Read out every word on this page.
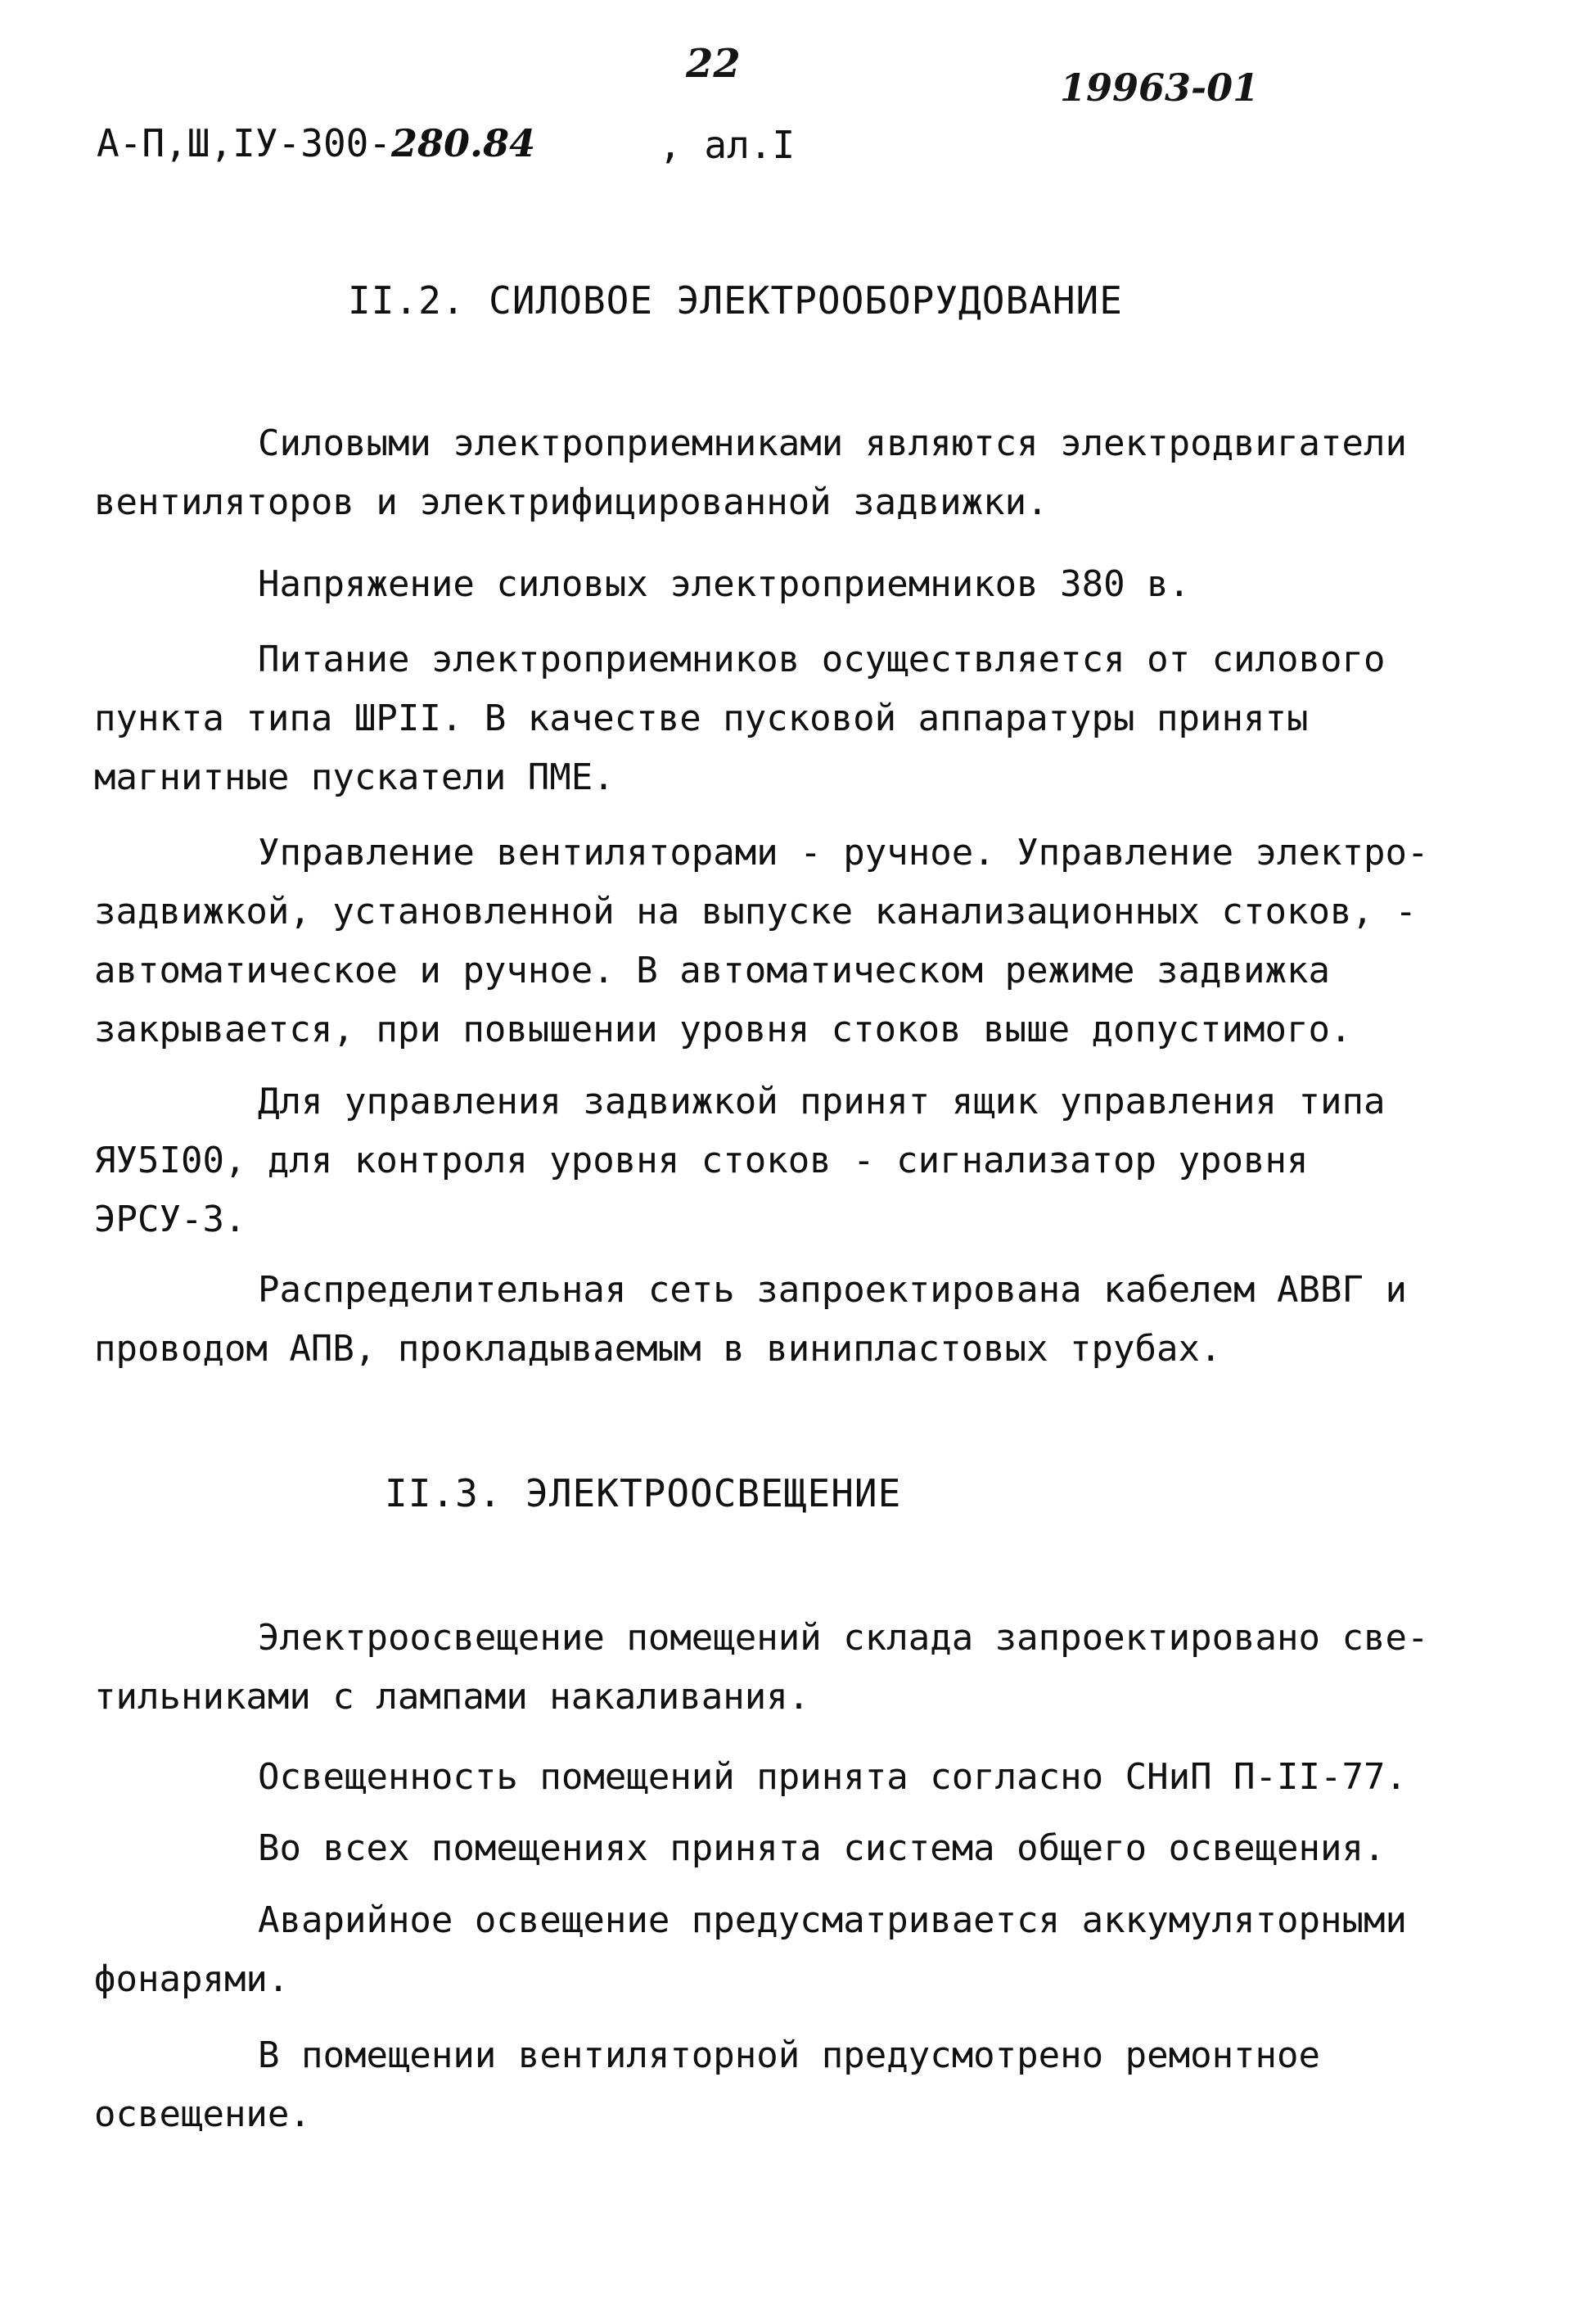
22
19963-01
А-П,Ш,ІУ-300-280.84	, ал.I
II.2. СИЛОВОЕ ЭЛЕКТРООБОРУДОВАНИЕ

Силовыми электроприемниками являются электродвигатели
вентиляторов и электрифицированной задвижки.

Напряжение силовых электроприемников 380 в.

Питание электроприемников осуществляется от силового
пункта типа ШРII. В качестве пусковой аппаратуры приняты
магнитные пускатели ПМЕ.

Управление вентиляторами - ручное. Управление электро-
задвижкой, установленной на выпуске канализационных стоков, -
автоматическое и ручное. В автоматическом режиме задвижка
закрывается, при повышении уровня стоков выше допустимого.

Для управления задвижкой принят ящик управления типа
ЯУ5I00, для контроля уровня стоков - сигнализатор уровня
ЭРСУ-3.

Распределительная сеть запроектирована кабелем АВВГ и
проводом АПВ, прокладываемым в винипластовых трубах.

II.3. ЭЛЕКТРООСВЕЩЕНИЕ

Электроосвещение помещений склада запроектировано све-
тильниками с лампами накаливания.

Освещенность помещений принята согласно СНиП П-II-77.

Во всех помещениях принята система общего освещения.

Аварийное освещение предусматривается аккумуляторными
фонарями.

В помещении вентиляторной предусмотрено ремонтное
освещение.
